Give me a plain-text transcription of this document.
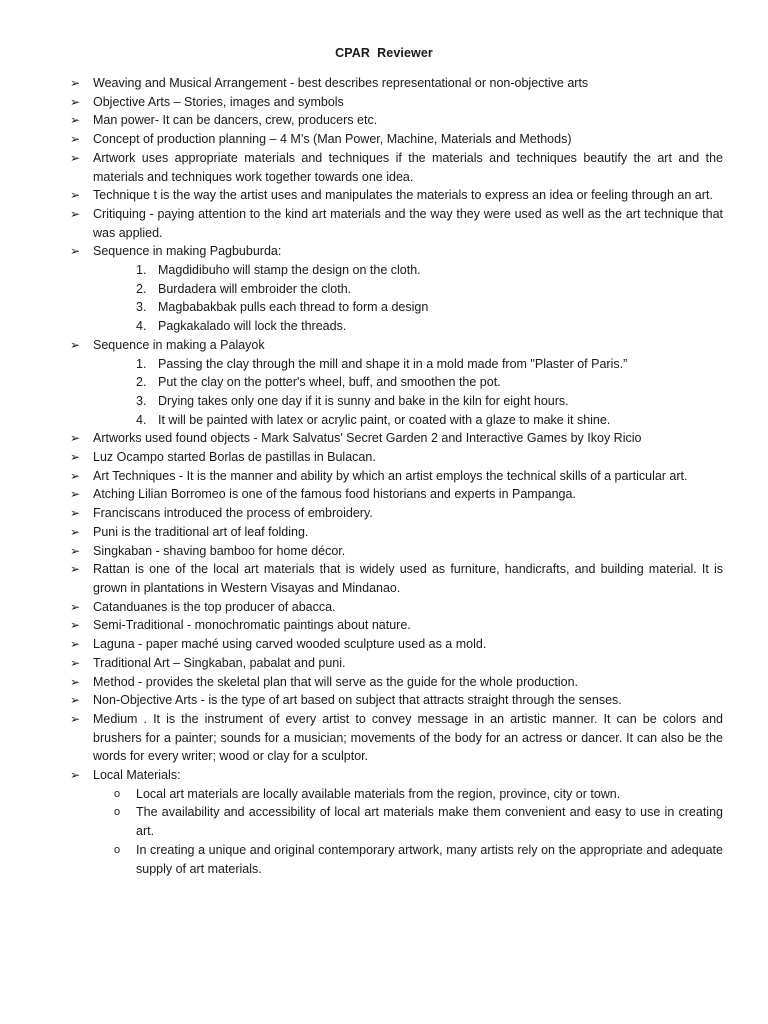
CPAR  Reviewer
➢ Weaving and Musical Arrangement - best describes representational or non-objective arts
➢ Objective Arts – Stories, images and symbols
➢ Man power- It can be dancers, crew, producers etc.
➢ Concept of production planning – 4 M’s (Man Power, Machine, Materials and Methods)
➢ Artwork uses appropriate materials and techniques if the materials and techniques beautify the art and the materials and techniques work together towards one idea.
➢ Technique t is the way the artist uses and manipulates the materials to express an idea or feeling through an art.
➢ Critiquing - paying attention to the kind art materials and the way they were used as well as the art technique that was applied.
➢ Sequence in making Pagbuburda:
1. Magdidibuho will stamp the design on the cloth.
2. Burdadera will embroider the cloth.
3. Magbabakbak pulls each thread to form a design
4. Pagkakalado will lock the threads.
➢ Sequence in making a Palayok
1. Passing the clay through the mill and shape it in a mold made from "Plaster of Paris.”
2. Put the clay on the potter's wheel, buff, and smoothen the pot.
3. Drying takes only one day if it is sunny and bake in the kiln for eight hours.
4. It will be painted with latex or acrylic paint, or coated with a glaze to make it shine.
➢ Artworks used found objects - Mark Salvatus' Secret Garden 2 and Interactive Games by Ikoy Ricio
➢ Luz Ocampo started Borlas de pastillas in Bulacan.
➢ Art Techniques - It is the manner and ability by which an artist employs the technical skills of a particular art.
➢ Atching Lilian Borromeo is one of the famous food historians and experts in Pampanga.
➢ Franciscans introduced the process of embroidery.
➢ Puni is the traditional art of leaf folding.
➢ Singkaban - shaving bamboo for home décor.
➢ Rattan is one of the local art materials that is widely used as furniture, handicrafts, and building material. It is grown in plantations in Western Visayas and Mindanao.
➢ Catanduanes is the top producer of abacca.
➢ Semi-Traditional - monochromatic paintings about nature.
➢ Laguna - paper maché using carved wooded sculpture used as a mold.
➢ Traditional Art – Singkaban, pabalat and puni.
➢ Method - provides the skeletal plan that will serve as the guide for the whole production.
➢ Non-Objective Arts - is the type of art based on subject that attracts straight through the senses.
➢ Medium . It is the instrument of every artist to convey message in an artistic manner. It can be colors and brushers for a painter; sounds for a musician; movements of the body for an actress or dancer. It can also be the words for every writer; wood or clay for a sculptor.
➢ Local Materials:
o Local art materials are locally available materials from the region, province, city or town.
o The availability and accessibility of local art materials make them convenient and easy to use in creating art.
o In creating a unique and original contemporary artwork, many artists rely on the appropriate and adequate supply of art materials.
